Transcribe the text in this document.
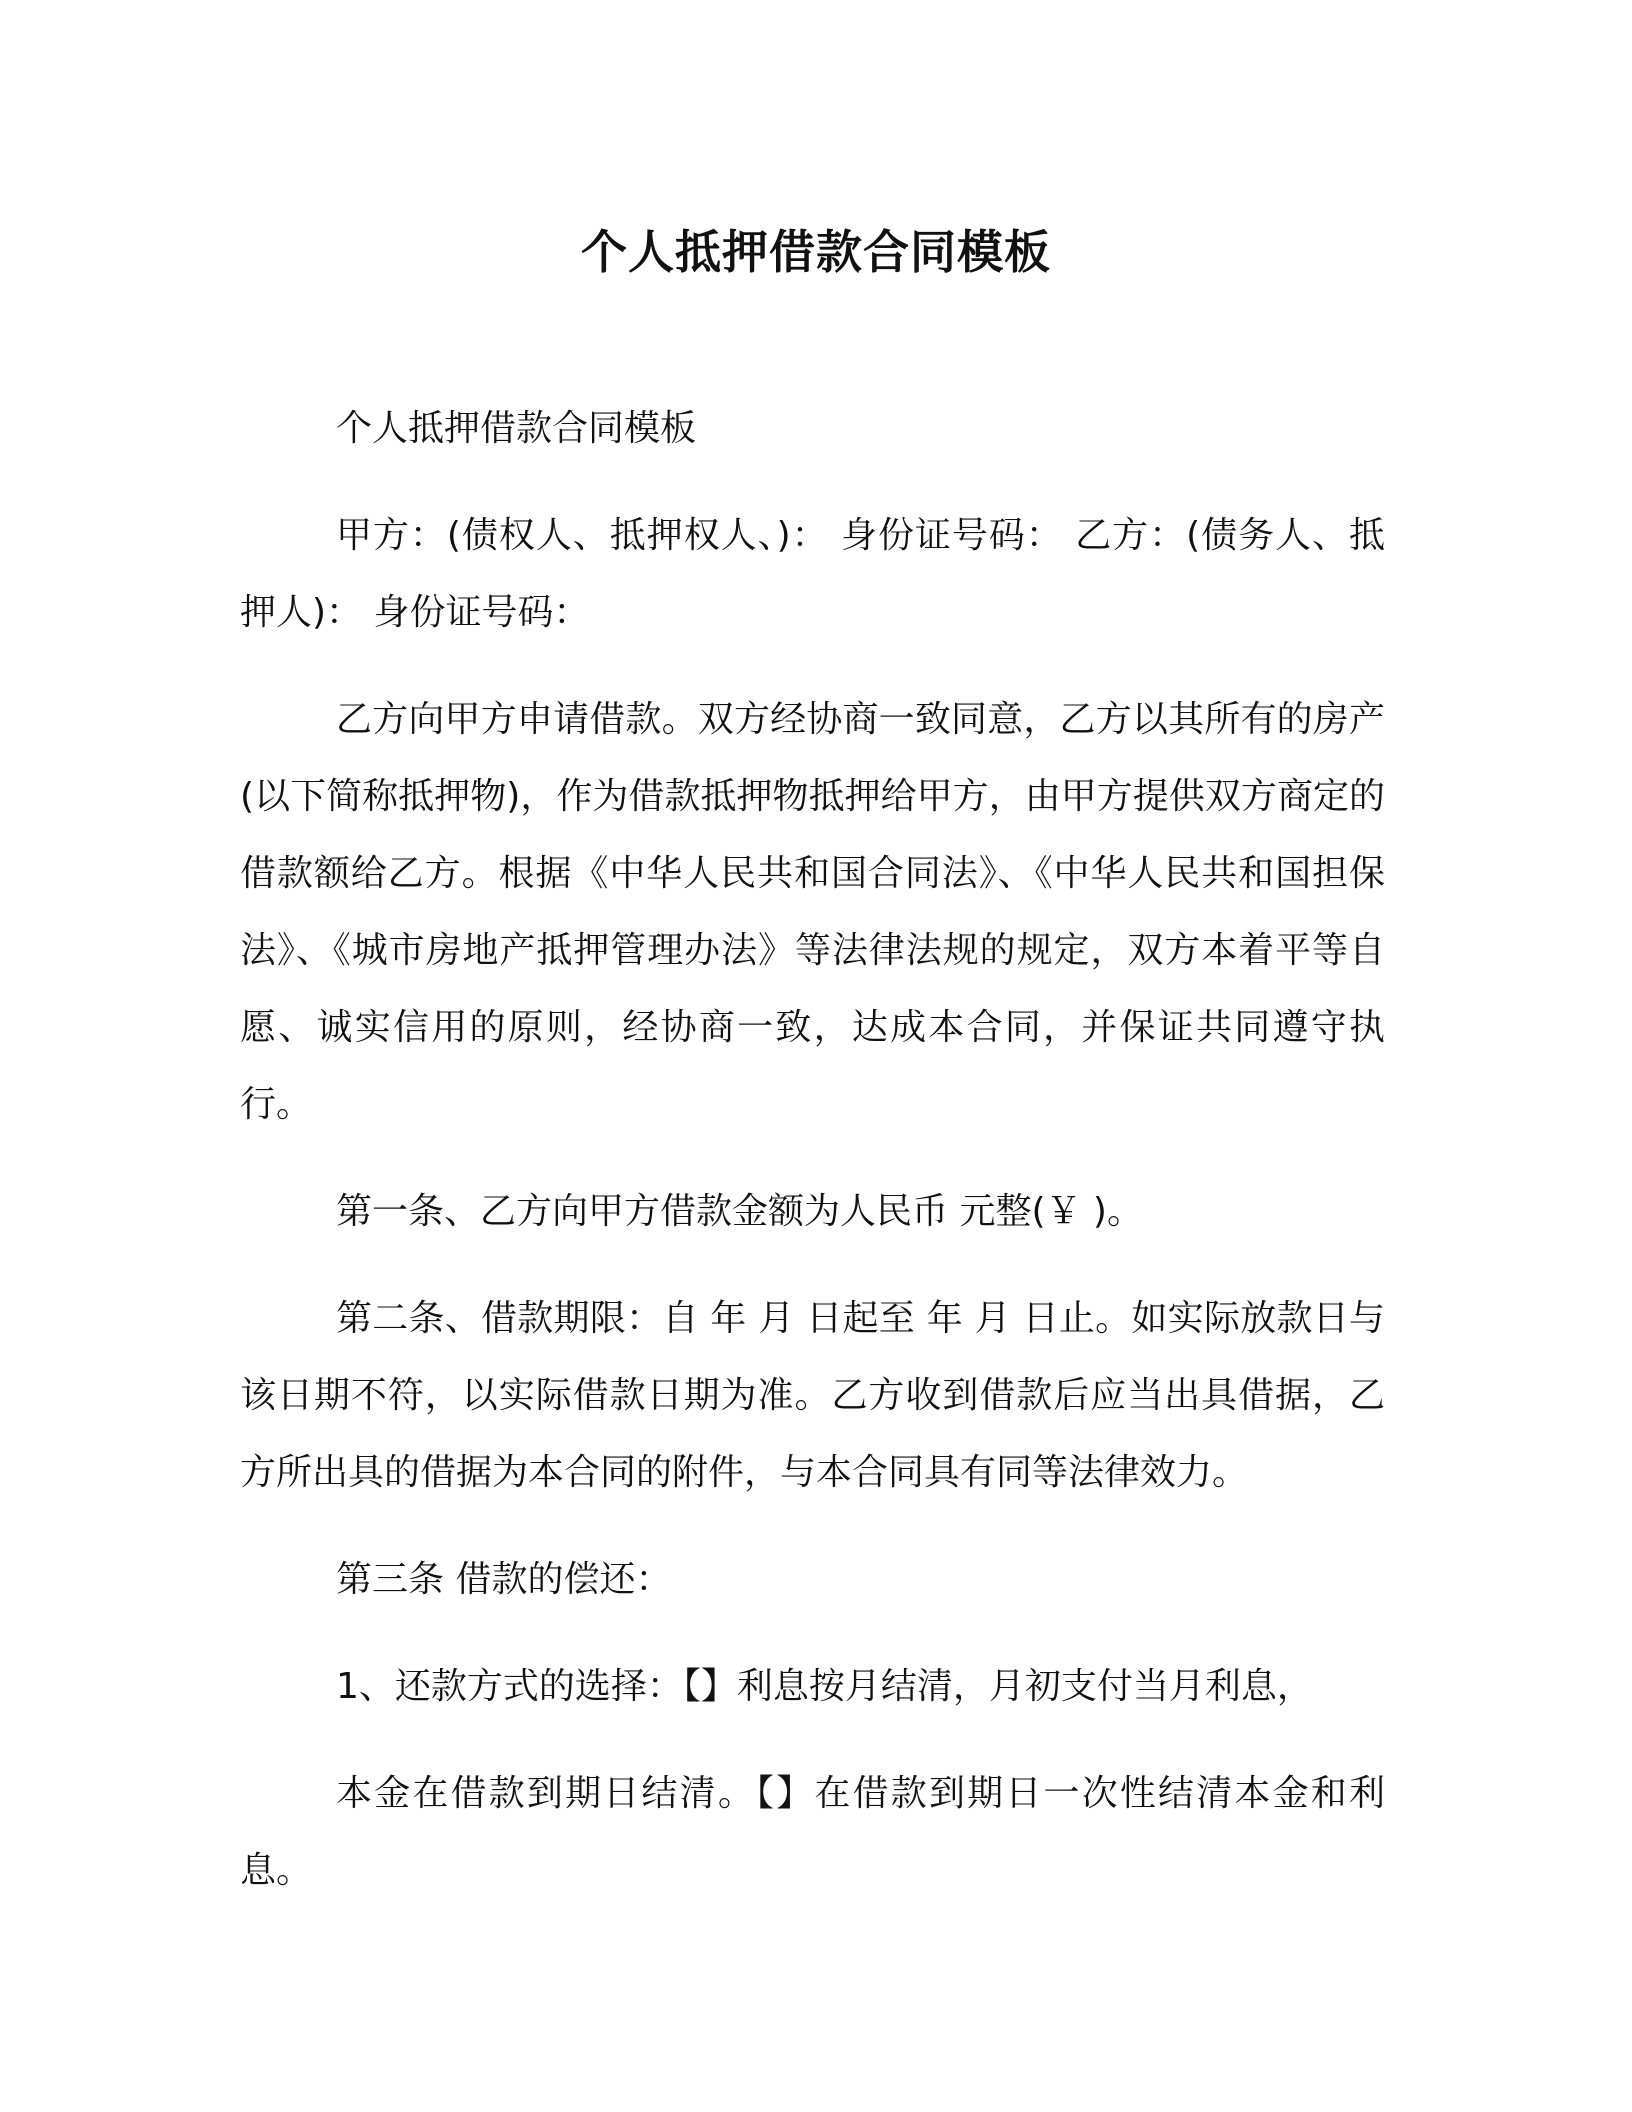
个人抵押借款合同模板

个人抵押借款合同模板

甲方：(债权人、抵押权人、)： 身份证号码： 乙方：(债务人、抵押人)： 身份证号码：

乙方向甲方申请借款。双方经协商一致同意，乙方以其所有的房产 (以下简称抵押物)，作为借款抵押物抵押给甲方，由甲方提供双方商定的借款额给乙方。根据《中华人民共和国合同法》、《中华人民共和国担保法》、《城市房地产抵押管理办法》等法律法规的规定，双方本着平等自愿、诚实信用的原则，经协商一致，达成本合同，并保证共同遵守执行。

第一条、乙方向甲方借款金额为人民币 元整(￥ )。

第二条、借款期限：自 年 月 日起至 年 月 日止。如实际放款日与该日期不符，以实际借款日期为准。乙方收到借款后应当出具借据，乙方所出具的借据为本合同的附件，与本合同具有同等法律效力。

第三条 借款的偿还：

1、还款方式的选择：【】利息按月结清，月初支付当月利息，

本金在借款到期日结清。【】在借款到期日一次性结清本金和利息。
